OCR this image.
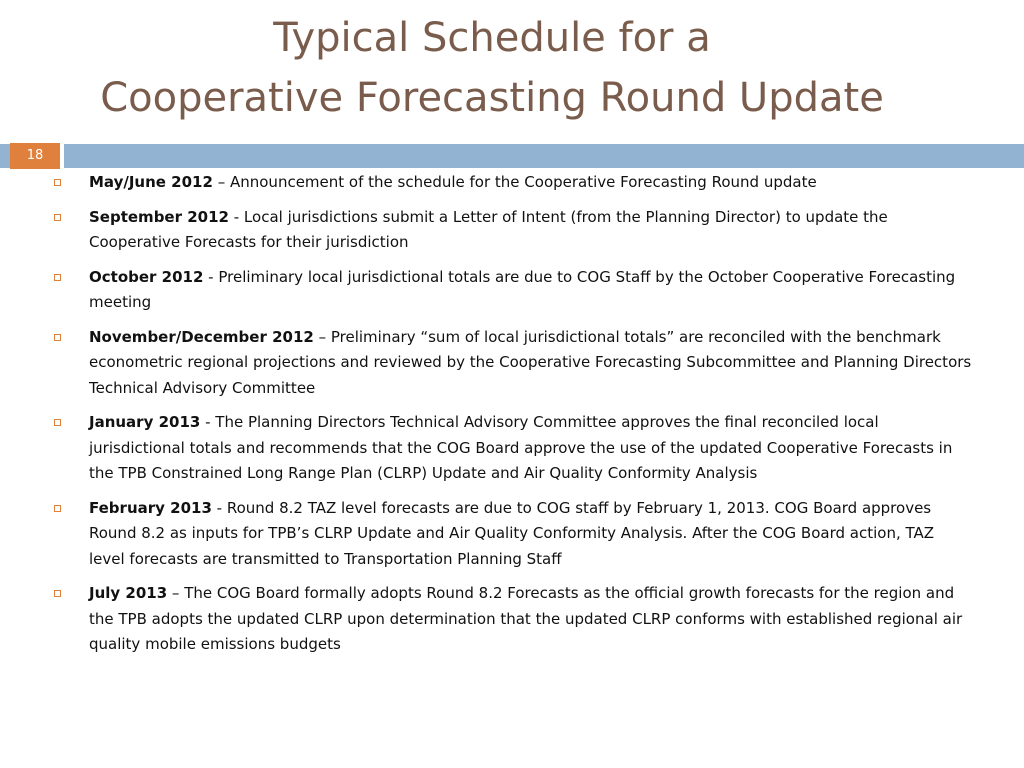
Typical Schedule for a
Cooperative Forecasting Round Update
18
May/June 2012 – Announcement of the schedule for the Cooperative Forecasting Round update
September 2012 - Local jurisdictions submit a Letter of Intent (from the Planning Director) to update the Cooperative Forecasts for their jurisdiction
October 2012 - Preliminary local jurisdictional totals are due to COG Staff by the October Cooperative Forecasting meeting
November/December 2012 – Preliminary “sum of local jurisdictional totals” are reconciled with the benchmark econometric regional projections and reviewed by the Cooperative Forecasting Subcommittee and Planning Directors Technical Advisory Committee
January 2013 - The Planning Directors Technical Advisory Committee approves the final reconciled local jurisdictional totals and recommends that the COG Board approve the use of the updated Cooperative Forecasts in the TPB Constrained Long Range Plan (CLRP) Update and Air Quality Conformity Analysis
February 2013 - Round 8.2 TAZ level forecasts are due to COG staff by February 1, 2013. COG Board approves Round 8.2 as inputs for TPB’s CLRP Update and Air Quality Conformity Analysis. After the COG Board action, TAZ level forecasts are transmitted to Transportation Planning Staff
July 2013 – The COG Board formally adopts Round 8.2 Forecasts as the official growth forecasts for the region and the TPB adopts the updated CLRP upon determination that the updated CLRP conforms with established regional air quality mobile emissions budgets
